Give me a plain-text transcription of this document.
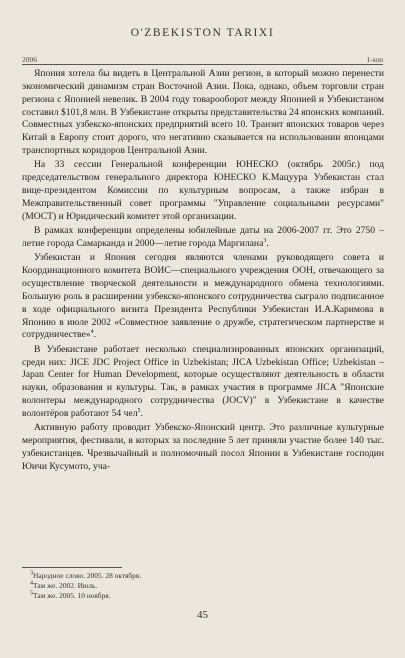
O'ZBEKISTON TARIXI
2006	1-son

Япония хотела бы видеть в Центральной Азии регион, в который можно перенести экономический динамизм стран Восточной Азии. Пока, однако, объем торговли стран региона с Японией невелик. В 2004 году товарооборот между Японией и Узбекистаном составил $101,8 млн. В Узбекистане открыты представительства 24 японских компаний. Совместных узбекско-японских предприятий всего 10. Транзит японских товаров через Китай в Европу стоит дорого, что негативно сказывается на использовании японцами транспортных коридоров Центральной Азии.

На 33 сессии Генеральной конференции ЮНЕСКО (октябрь 2005г.) под председательством генерального директора ЮНЕСКО К.Мацуура Узбекистан стал вице-президентом Комиссии по культурным вопросам, а также избран в Межправительственный совет программы "Управление социальными ресурсами" (МОСТ) и Юридический комитет этой организации.

В рамках конференции определены юбилейные даты на 2006-2007 гг. Это 2750 –летие города Самарканда и 2000—летие города Маргилана$^3$.

Узбекистан и Япония сегодня являются членами руководящего совета и Координационного комитета ВОИС—специального учреждения ООН, отвечающего за осуществление творческой деятельности и международного обмена технологиями. Большую роль в расширении узбекско-японского сотрудничества сыграло подписанное в ходе официального визита Президента Республики Узбекистан И.А.Каримова в Японию в июле 2002 «Совместное заявление о дружбе, стратегическом партнерстве и сотрудничестве»$^4$.

В Узбекистане работает несколько специализированных японских организаций, среди них: JICE JDC Project Office in Uzbekistan; JICA Uzbekistan Office; Uzbekistan – Japan Center for Human Development, которые осуществляют деятельность в области науки, образования и культуры. Так, в рамках участия в программе JICA "Японские волонтеры международного сотрудничества (JOCV)" в Узбекистане в качестве волонтёров работают 54 чел$^5$.

Активную работу проводит Узбекско-Японский центр. Это различные культурные мероприятия, фестивали, в которых за последние 5 лет приняли участие более 140 тыс. узбекистанцев. Чрезвычайный и полномочный посол Японии в Узбекистане господин Юичи Кусумото, уча-

$^3$Народное слово. 2005. 28 октября.
$^4$Там же. 2002. Июль.
$^5$Там же. 2005. 10 ноября.
45
